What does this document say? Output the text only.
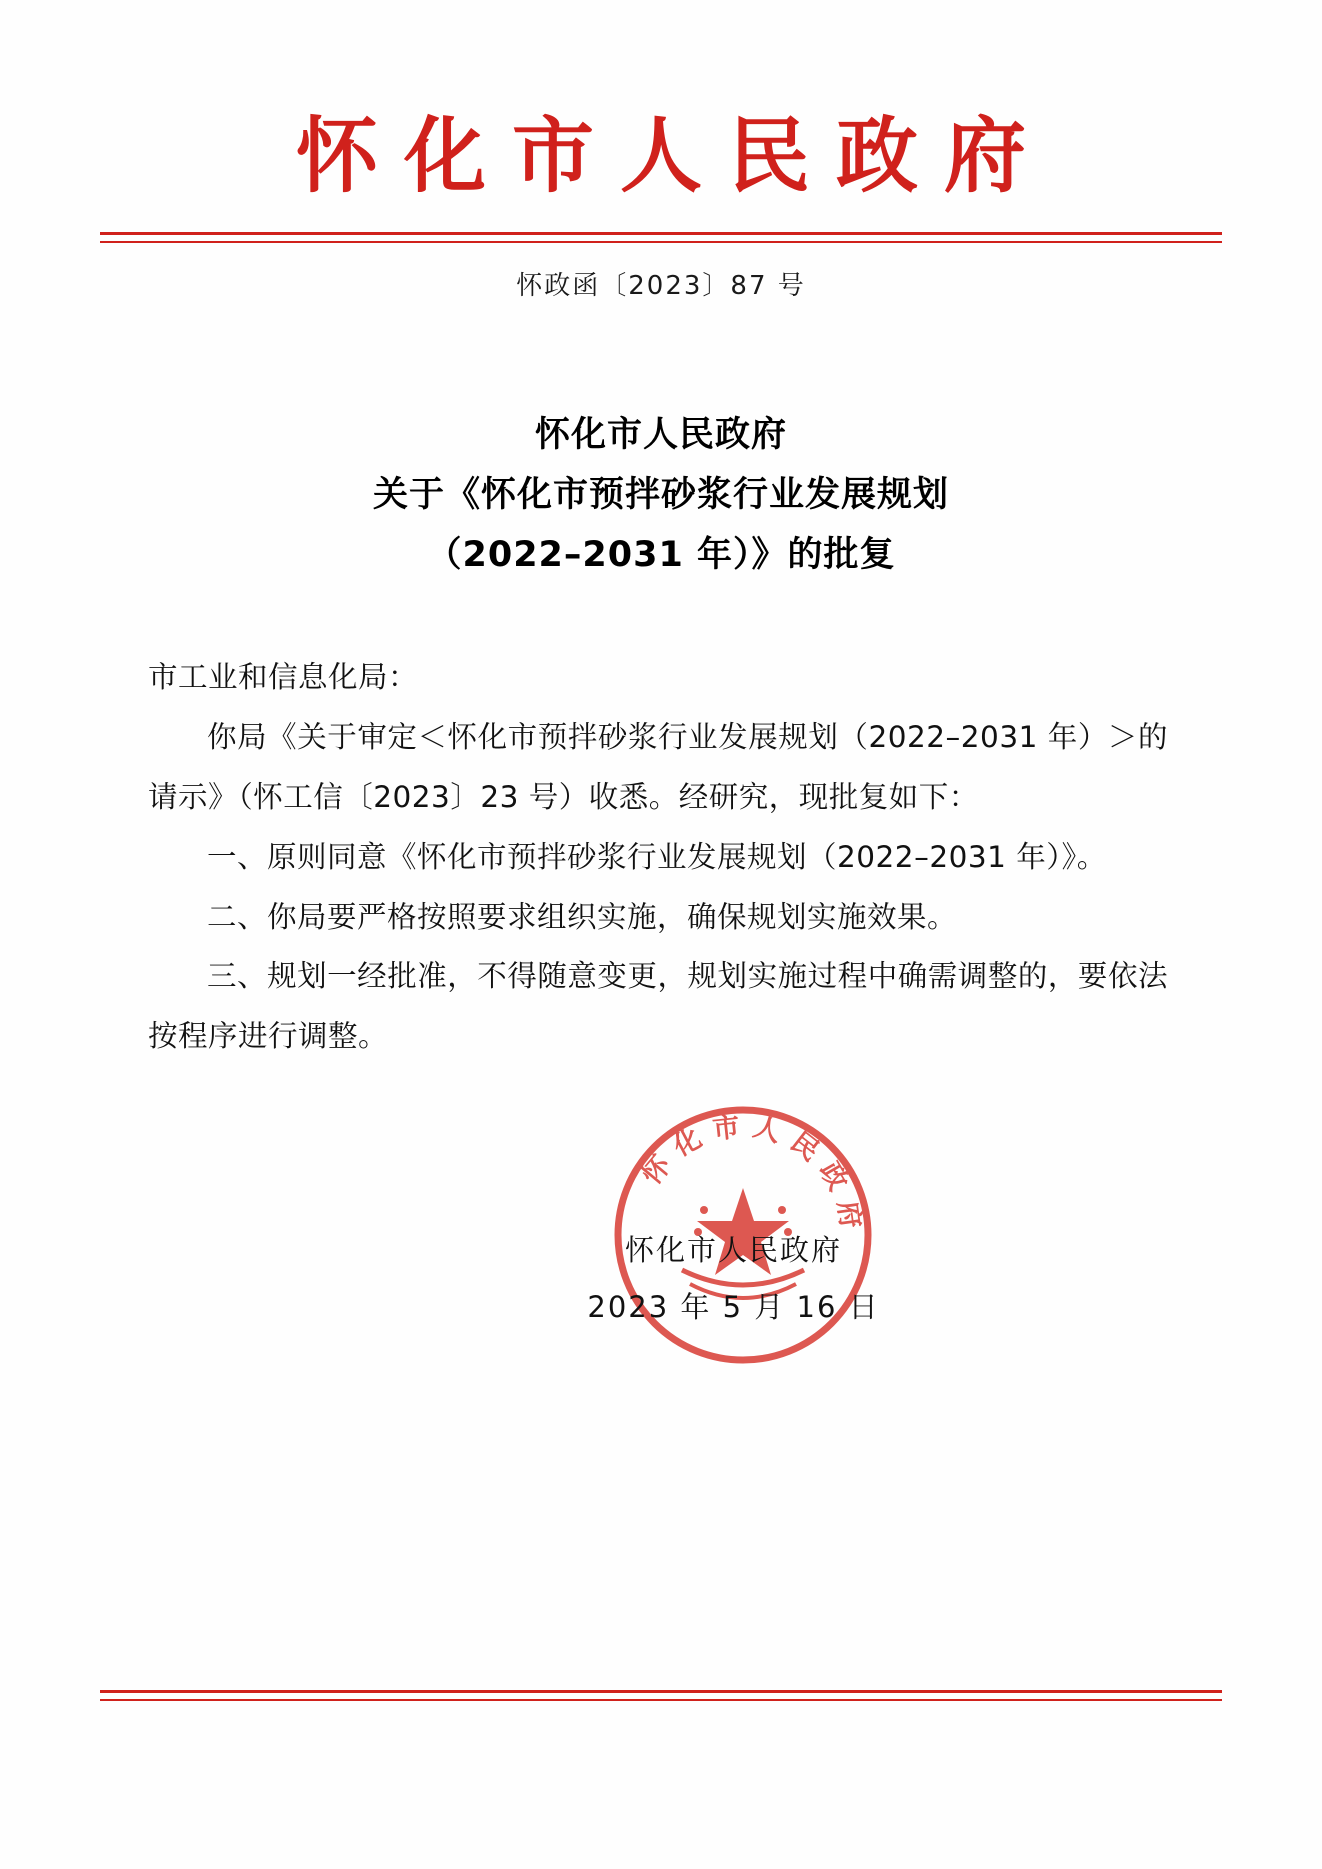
怀化市人民政府
怀政函〔2023〕87 号
怀化市人民政府
关于《怀化市预拌砂浆行业发展规划
（2022–2031 年）》的批复

市工业和信息化局：

你局《关于审定＜怀化市预拌砂浆行业发展规划（2022–2031 年）＞的请示》（怀工信〔2023〕23 号）收悉。经研究，现批复如下：

一、原则同意《怀化市预拌砂浆行业发展规划（2022–2031 年）》。

二、你局要严格按照要求组织实施，确保规划实施效果。

三、规划一经批准，不得随意变更，规划实施过程中确需调整的，要依法按程序进行调整。

怀化市人民政府
怀化市人民政府
2023 年 5 月 16 日
